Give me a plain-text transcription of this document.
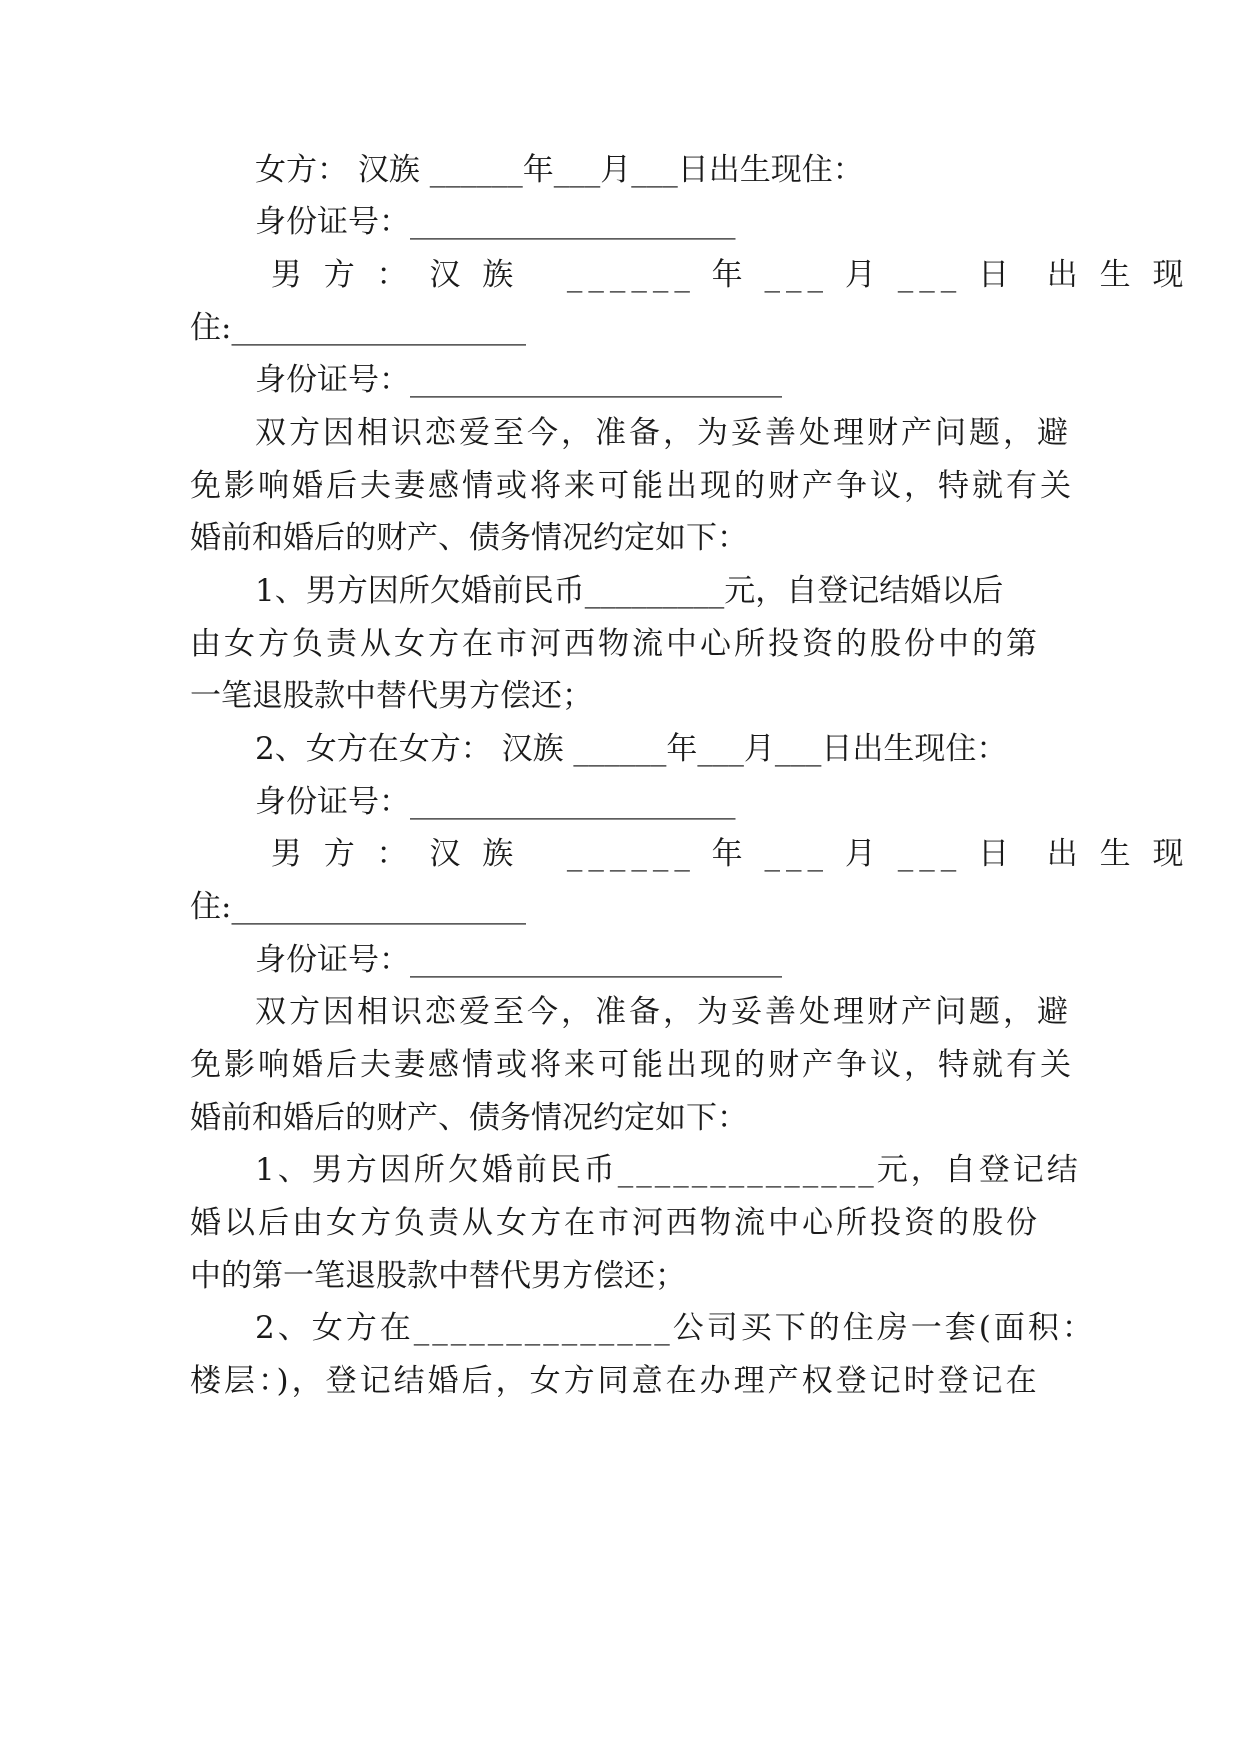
女方： 汉族 ______年___月___日出生现住：
身份证号：_____________________
男 方 ： 汉 族   ______ 年 ___ 月 ___ 日  出 生 现
住:___________________
身份证号：________________________
双方因相识恋爱至今，准备，为妥善处理财产问题，避
免影响婚后夫妻感情或将来可能出现的财产争议，特就有关
婚前和婚后的财产、债务情况约定如下：
1、男方因所欠婚前民币_________元，自登记结婚以后
由女方负责从女方在市河西物流中心所投资的股份中的第
一笔退股款中替代男方偿还；
2、女方在女方： 汉族 ______年___月___日出生现住：
身份证号：_____________________
男 方 ： 汉 族   ______ 年 ___ 月 ___ 日  出 生 现
住:___________________
身份证号：________________________
双方因相识恋爱至今，准备，为妥善处理财产问题，避
免影响婚后夫妻感情或将来可能出现的财产争议，特就有关
婚前和婚后的财产、债务情况约定如下：
1、男方因所欠婚前民币______________元，自登记结
婚以后由女方负责从女方在市河西物流中心所投资的股份
中的第一笔退股款中替代男方偿还；
2、女方在______________公司买下的住房一套(面积：
楼层：)，登记结婚后，女方同意在办理产权登记时登记在
